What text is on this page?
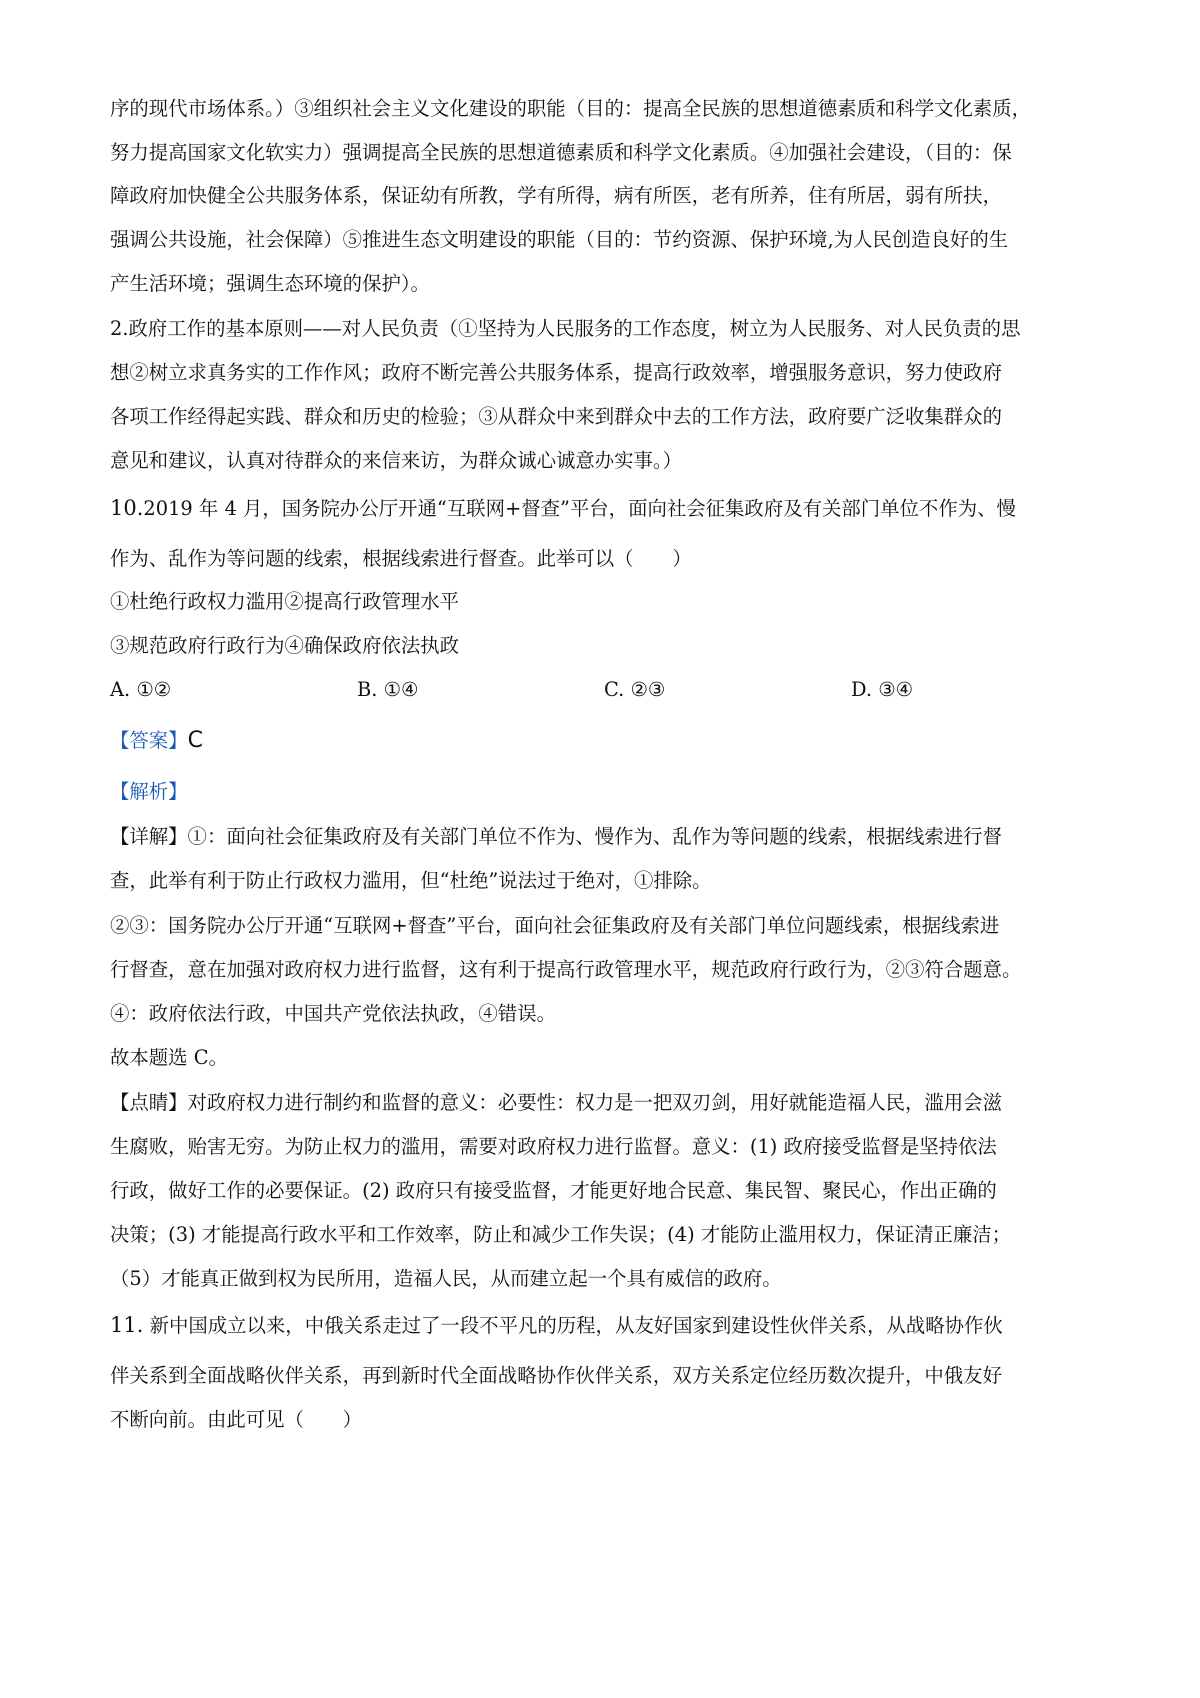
序的现代市场体系。）③组织社会主义文化建设的职能（目的：提高全民族的思想道德素质和科学文化素质，
努力提高国家文化软实力）强调提高全民族的思想道德素质和科学文化素质。④加强社会建设，（目的：保
障政府加快健全公共服务体系，保证幼有所教，学有所得，病有所医，老有所养，住有所居，弱有所扶，
强调公共设施，社会保障）⑤推进生态文明建设的职能（目的：节约资源、保护环境,为人民创造良好的生
产生活环境；强调生态环境的保护）。
2.政府工作的基本原则——对人民负责（①坚持为人民服务的工作态度，树立为人民服务、对人民负责的思
想②树立求真务实的工作作风；政府不断完善公共服务体系，提高行政效率，增强服务意识，努力使政府
各项工作经得起实践、群众和历史的检验；③从群众中来到群众中去的工作方法，政府要广泛收集群众的
意见和建议，认真对待群众的来信来访，为群众诚心诚意办实事。）
10.2019 年 4 月，国务院办公厅开通“互联网+督查”平台，面向社会征集政府及有关部门单位不作为、慢
作为、乱作为等问题的线索，根据线索进行督查。此举可以（　　）
①杜绝行政权力滥用②提高行政管理水平
③规范政府行政行为④确保政府依法执政
A. ①②	B. ①④	C. ②③	D. ③④
【答案】C
【解析】
【详解】①：面向社会征集政府及有关部门单位不作为、慢作为、乱作为等问题的线索，根据线索进行督
查，此举有利于防止行政权力滥用，但“杜绝”说法过于绝对，①排除。
②③：国务院办公厅开通“互联网+督查”平台，面向社会征集政府及有关部门单位问题线索，根据线索进
行督查，意在加强对政府权力进行监督，这有利于提高行政管理水平，规范政府行政行为，②③符合题意。
④：政府依法行政，中国共产党依法执政，④错误。
故本题选 C。
【点睛】对政府权力进行制约和监督的意义：必要性：权力是一把双刃剑，用好就能造福人民，滥用会滋
生腐败，贻害无穷。为防止权力的滥用，需要对政府权力进行监督。意义：(1) 政府接受监督是坚持依法
行政，做好工作的必要保证。(2) 政府只有接受监督，才能更好地合民意、集民智、聚民心，作出正确的
决策；(3) 才能提高行政水平和工作效率，防止和减少工作失误；(4) 才能防止滥用权力，保证清正廉洁；
（5）才能真正做到权为民所用，造福人民，从而建立起一个具有威信的政府。
11. 新中国成立以来，中俄关系走过了一段不平凡的历程，从友好国家到建设性伙伴关系，从战略协作伙
伴关系到全面战略伙伴关系，再到新时代全面战略协作伙伴关系，双方关系定位经历数次提升，中俄友好
不断向前。由此可见（　　）
